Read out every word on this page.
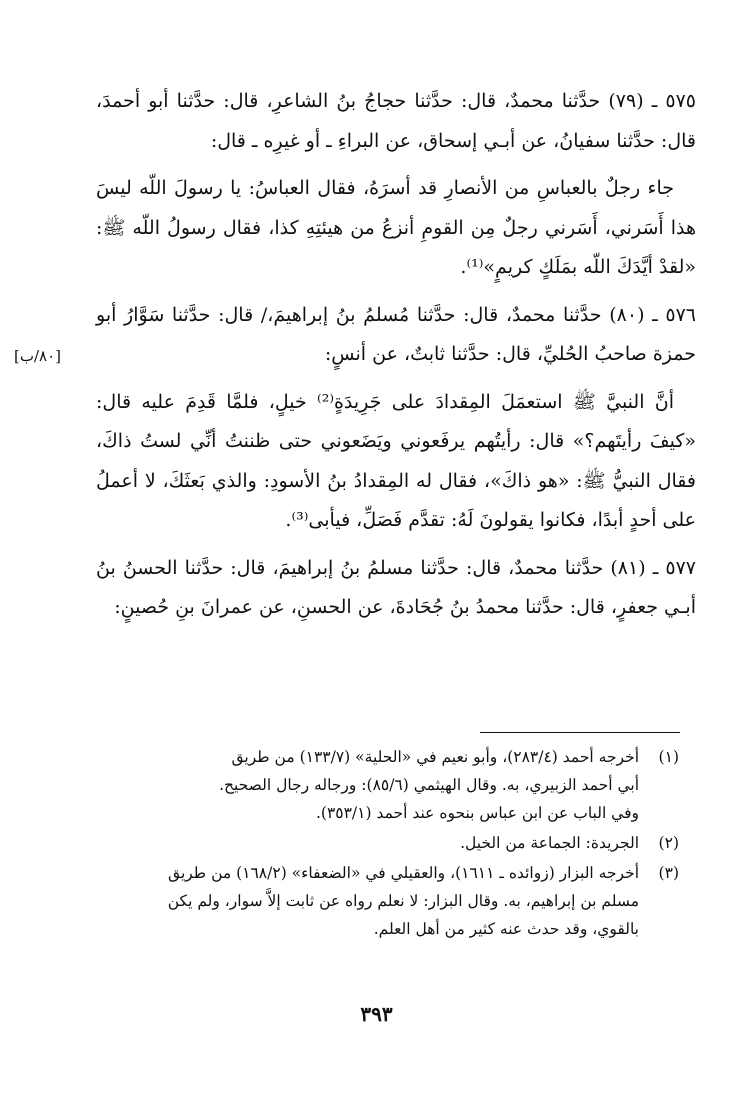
٥٧٥ ـ (٧٩) حدَّثنا محمدٌ، قال: حدَّثنا حجاجُ بنُ الشاعرِ، قال: حدَّثنا أبو أحمدَ، قال: حدَّثنا سفيانُ، عن أبـي إسحاق، عن البراءِ ـ أو غيرِه ـ قال:

جاء رجلٌ بالعباسِ من الأنصارِ قد أسرَهُ، فقال العباسُ: يا رسولَ اللّه ليسَ هذا أَسَرني، أَسَرني رجلٌ مِن القومِ أنزعُ من هيئتِهِ كذا، فقال رسولُ اللّه ﷺ: «لقدْ أيَّدَكَ اللّه بمَلَكٍ كريمٍ»⁽¹⁾.

٥٧٦ ـ (٨٠) حدَّثنا محمدٌ، قال: حدَّثنا مُسلمُ بنُ إبراهيمَ،/ قال: حدَّثنا سَوَّارُ أبو حمزة صاحبُ الحُليِّ، قال: حدَّثنا ثابتٌ، عن أنسٍ:

أنَّ النبيَّ ﷺ استعمَلَ المِقدادَ على جَرِيدَةٍ⁽²⁾ خيلٍ، فلمَّا قَدِمَ عليه قال: «كيفَ رأيتَهم؟» قال: رأيتُهم يرفَعوني ويَضَعوني حتى ظننتُ أنِّي لستُ ذاكَ، فقال النبيُّ ﷺ: «هو ذاكَ»، فقال له المِقدادُ بنُ الأسودِ: والذي بَعثَكَ، لا أعملُ على أحدٍ أبدًا، فكانوا يقولونَ لَهُ: تقدَّم فَصَلِّ، فيأبى⁽³⁾.

٥٧٧ ـ (٨١) حدَّثنا محمدٌ، قال: حدَّثنا مسلمُ بنُ إبراهيمَ، قال: حدَّثنا الحسنُ بنُ أبـي جعفرٍ، قال: حدَّثنا محمدُ بنُ جُحَادةَ، عن الحسنِ، عن عمرانَ بنِ حُصينٍ:

[٨٠/ب]
(١)
أخرجه أحمد (٢٨٣/٤)، وأبو نعيم في «الحلية» (١٣٣/٧) من طريق
أبي أحمد الزبيري، به. وقال الهيثمي (٨٥/٦): ورجاله رجال الصحيح.
وفي الباب عن ابن عباس بنحوه عند أحمد (٣٥٣/١).
(٢)
الجريدة: الجماعة من الخيل.
(٣)
أخرجه البزار (زوائده ـ ١٦١١)، والعقيلي في «الضعفاء» (١٦٨/٢) من طريق
مسلم بن إبراهيم، به. وقال البزار: لا نعلم رواه عن ثابت إلاَّ سوار، ولم يكن
بالقوي، وقد حدث عنه كثير من أهل العلم.
٣٩٣
